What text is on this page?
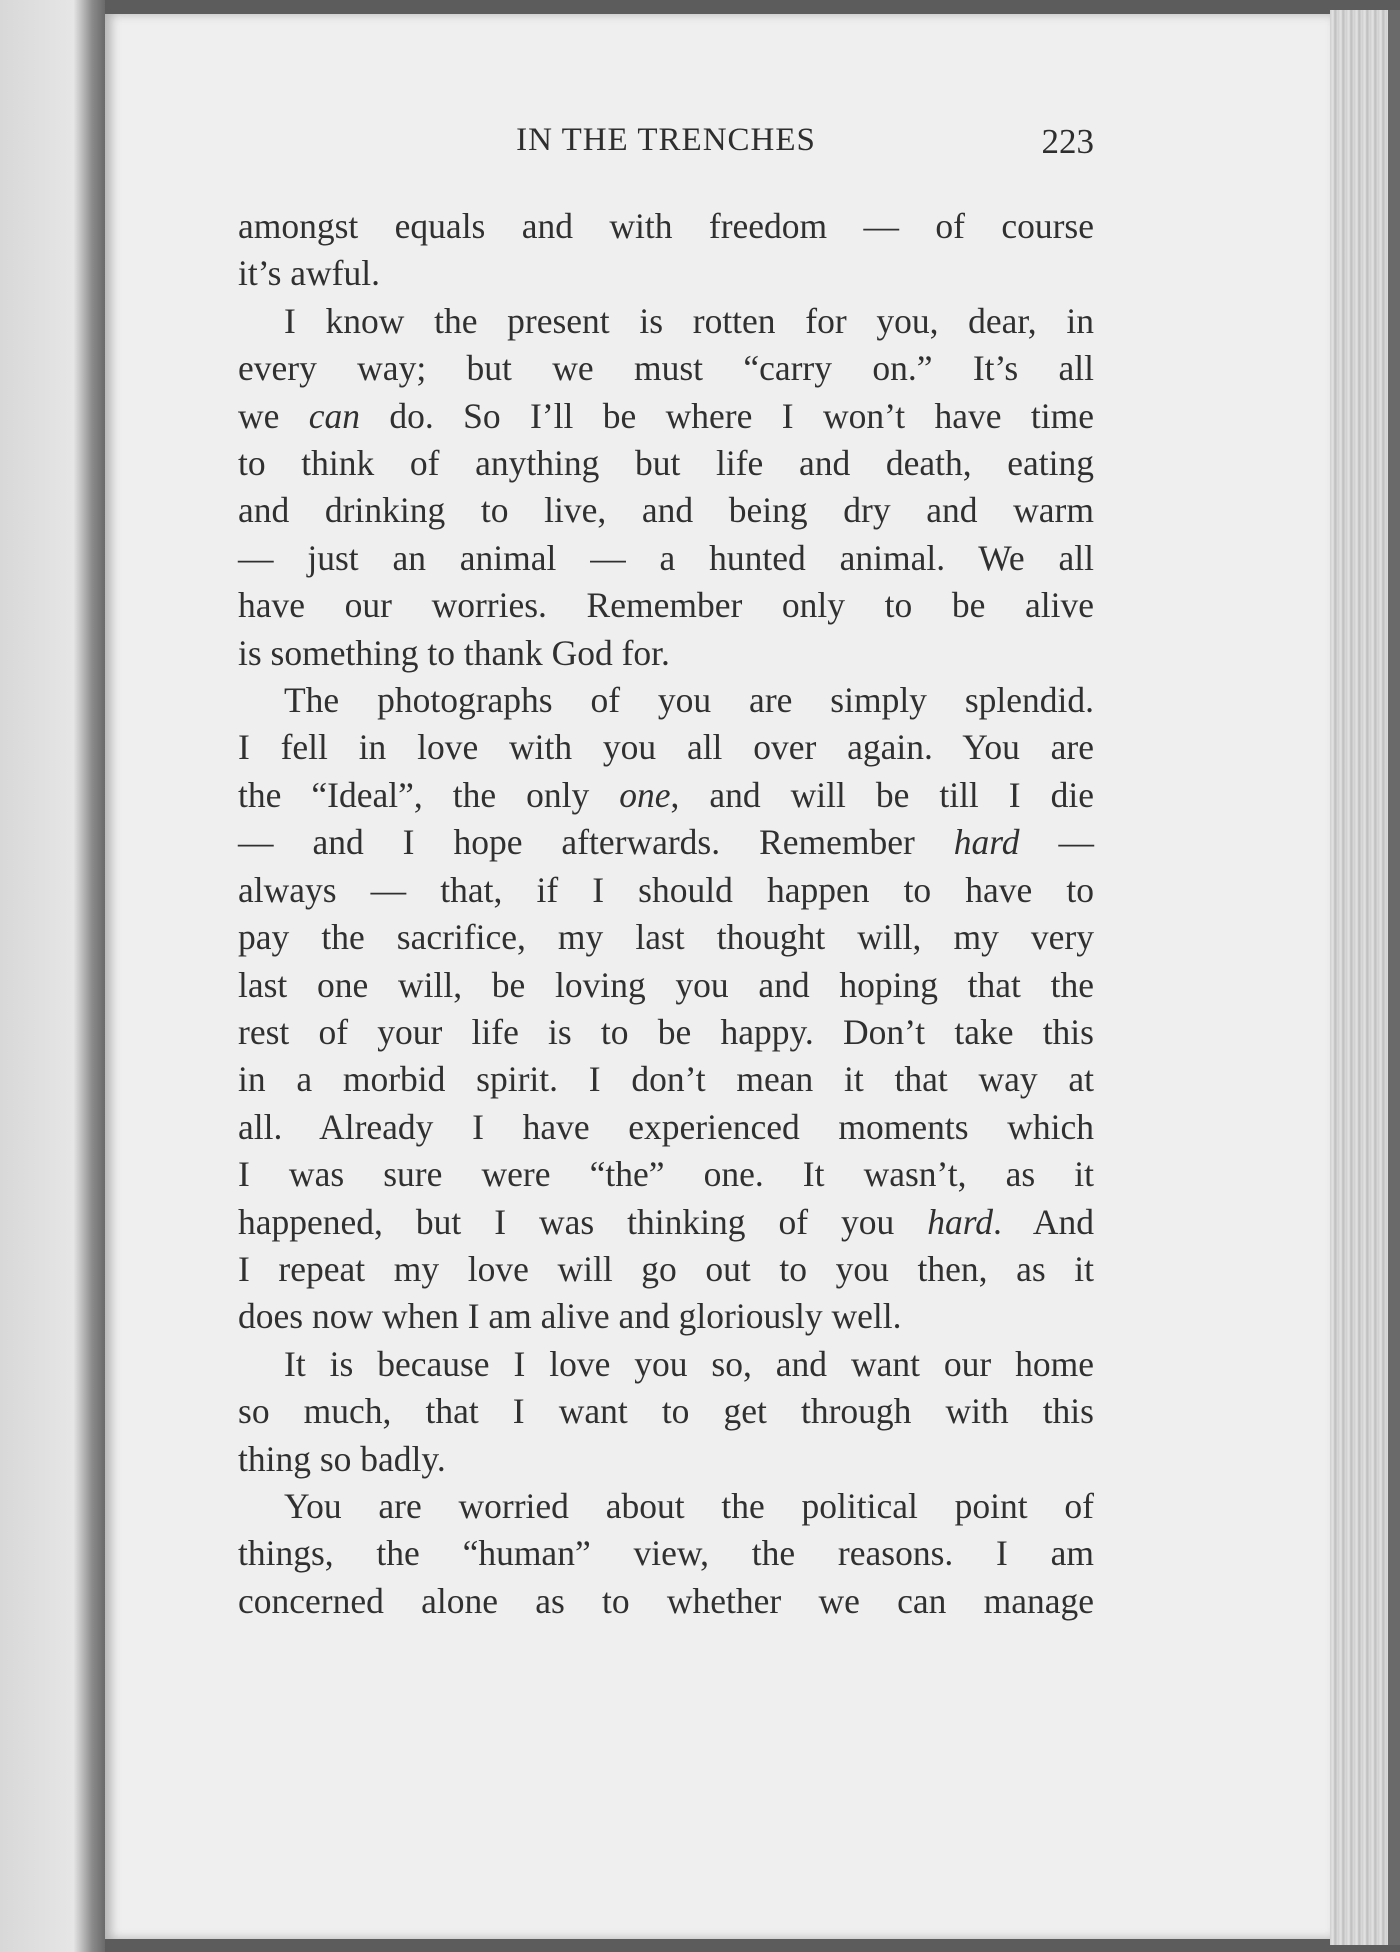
IN THE TRENCHES	223
amongst equals and with freedom — of course
it’s awful.
I know the present is rotten for you, dear, in
every way; but we must “carry on.” It’s all
we can do. So I’ll be where I won’t have time
to think of anything but life and death, eating
and drinking to live, and being dry and warm
— just an animal — a hunted animal. We all
have our worries. Remember only to be alive
is something to thank God for.
The photographs of you are simply splendid.
I fell in love with you all over again. You are
the “Ideal”, the only one, and will be till I die
— and I hope afterwards. Remember hard —
always — that, if I should happen to have to
pay the sacrifice, my last thought will, my very
last one will, be loving you and hoping that the
rest of your life is to be happy. Don’t take this
in a morbid spirit. I don’t mean it that way at
all. Already I have experienced moments which
I was sure were “the” one. It wasn’t, as it
happened, but I was thinking of you hard. And
I repeat my love will go out to you then, as it
does now when I am alive and gloriously well.
It is because I love you so, and want our home
so much, that I want to get through with this
thing so badly.
You are worried about the political point of
things, the “human” view, the reasons. I am
concerned alone as to whether we can manage
